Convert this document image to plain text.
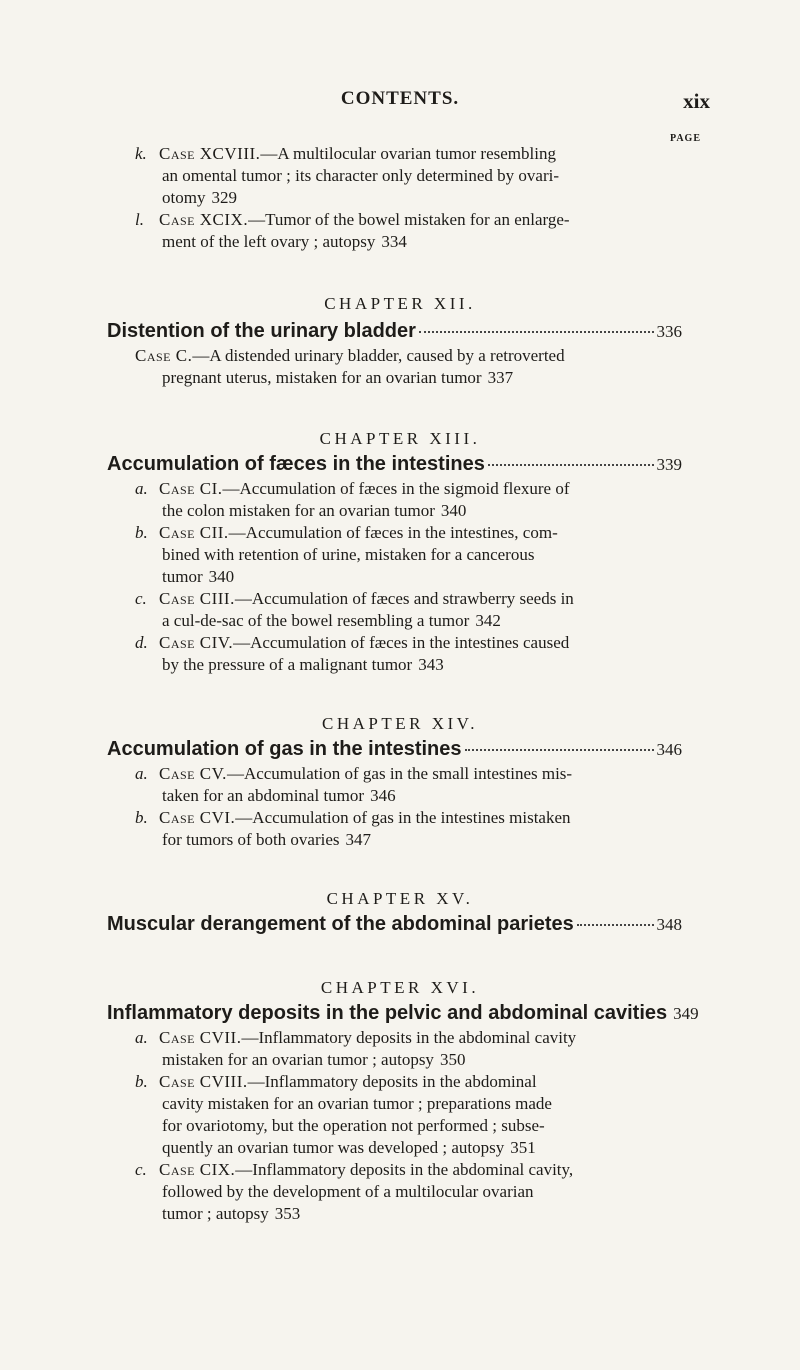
CONTENTS.	xix
PAGE
k. Case XCVIII.—A multilocular ovarian tumor resembling
an omental tumor ; its character only determined by ovari-
otomy 329
l. Case XCIX.—Tumor of the bowel mistaken for an enlarge-
ment of the left ovary ; autopsy 334
CHAPTER XII.
Distention of the urinary bladder	336
Case C.—A distended urinary bladder, caused by a retroverted
pregnant uterus, mistaken for an ovarian tumor 337
CHAPTER XIII.
Accumulation of fæces in the intestines	339
a. Case CI.—Accumulation of fæces in the sigmoid flexure of
the colon mistaken for an ovarian tumor 340
b. Case CII.—Accumulation of fæces in the intestines, com-
bined with retention of urine, mistaken for a cancerous
tumor 340
c. Case CIII.—Accumulation of fæces and strawberry seeds in
a cul-de-sac of the bowel resembling a tumor 342
d. Case CIV.—Accumulation of fæces in the intestines caused
by the pressure of a malignant tumor 343
CHAPTER XIV.
Accumulation of gas in the intestines	346
a. Case CV.—Accumulation of gas in the small intestines mis-
taken for an abdominal tumor 346
b. Case CVI.—Accumulation of gas in the intestines mistaken
for tumors of both ovaries 347
CHAPTER XV.
Muscular derangement of the abdominal parietes	348
CHAPTER XVI.
Inflammatory deposits in the pelvic and abdominal cavities 349
a. Case CVII.—Inflammatory deposits in the abdominal cavity
mistaken for an ovarian tumor ; autopsy 350
b. Case CVIII.—Inflammatory deposits in the abdominal
cavity mistaken for an ovarian tumor ; preparations made
for ovariotomy, but the operation not performed ; subse-
quently an ovarian tumor was developed ; autopsy 351
c. Case CIX.—Inflammatory deposits in the abdominal cavity,
followed by the development of a multilocular ovarian
tumor ; autopsy 353
